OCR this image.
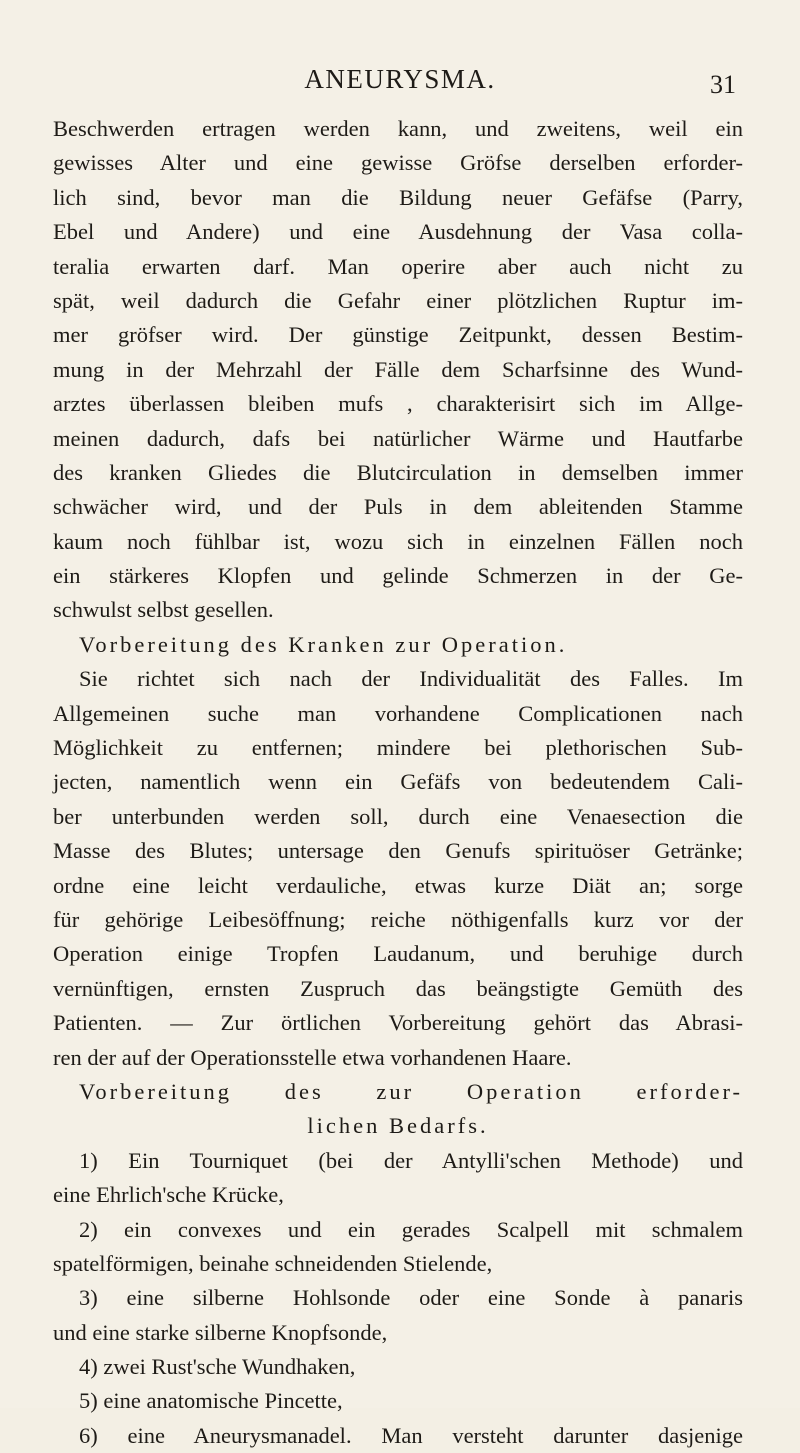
ANEURYSMA.	31
Beschwerden ertragen werden kann, und zweitens, weil ein
gewisses Alter und eine gewisse Gröfse derselben erforder-
lich sind, bevor man die Bildung neuer Gefäfse (Parry,
Ebel und Andere) und eine Ausdehnung der Vasa colla-
teralia erwarten darf. Man operire aber auch nicht zu
spät, weil dadurch die Gefahr einer plötzlichen Ruptur im-
mer gröfser wird. Der günstige Zeitpunkt, dessen Bestim-
mung in der Mehrzahl der Fälle dem Scharfsinne des Wund-
arztes überlassen bleiben mufs , charakterisirt sich im Allge-
meinen dadurch, dafs bei natürlicher Wärme und Hautfarbe
des kranken Gliedes die Blutcirculation in demselben immer
schwächer wird, und der Puls in dem ableitenden Stamme
kaum noch fühlbar ist, wozu sich in einzelnen Fällen noch
ein stärkeres Klopfen und gelinde Schmerzen in der Ge-
schwulst selbst gesellen.
Vorbereitung des Kranken zur Operation.
Sie richtet sich nach der Individualität des Falles. Im
Allgemeinen suche man vorhandene Complicationen nach
Möglichkeit zu entfernen; mindere bei plethorischen Sub-
jecten, namentlich wenn ein Gefäfs von bedeutendem Cali-
ber unterbunden werden soll, durch eine Venaesection die
Masse des Blutes; untersage den Genufs spirituöser Getränke;
ordne eine leicht verdauliche, etwas kurze Diät an; sorge
für gehörige Leibesöffnung; reiche nöthigenfalls kurz vor der
Operation einige Tropfen Laudanum, und beruhige durch
vernünftigen, ernsten Zuspruch das beängstigte Gemüth des
Patienten. — Zur örtlichen Vorbereitung gehört das Abrasi-
ren der auf der Operationsstelle etwa vorhandenen Haare.
Vorbereitung des zur Operation erforder-
lichen Bedarfs.
1) Ein Tourniquet (bei der Antylli'schen Methode) und
eine Ehrlich'sche Krücke,
2) ein convexes und ein gerades Scalpell mit schmalem
spatelförmigen, beinahe schneidenden Stielende,
3) eine silberne Hohlsonde oder eine Sonde à panaris
und eine starke silberne Knopfsonde,
4) zwei Rust'sche Wundhaken,
5) eine anatomische Pincette,
6) eine Aneurysmanadel. Man versteht darunter dasjenige
